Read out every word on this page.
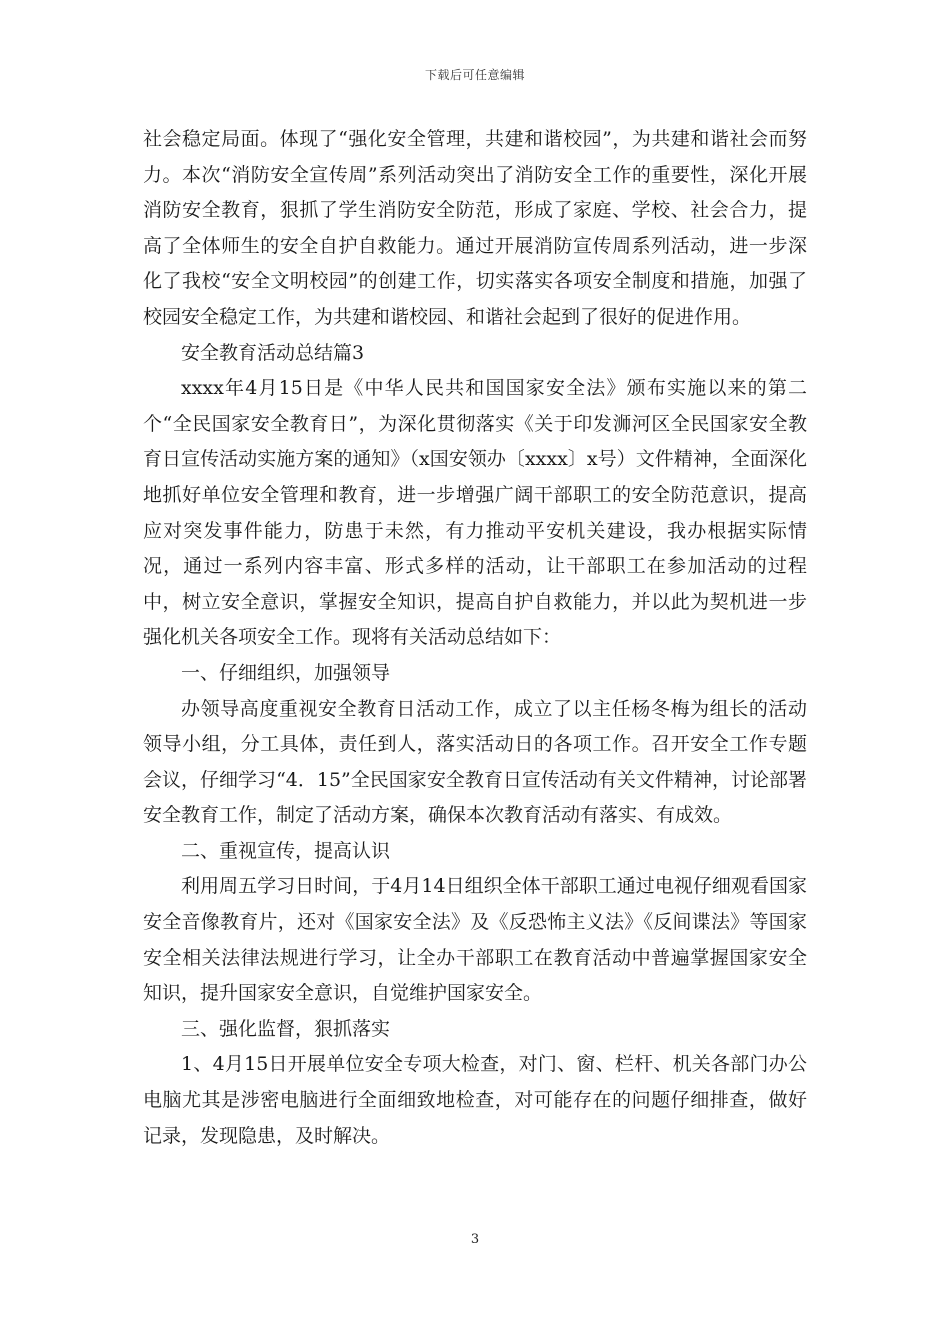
下载后可任意编辑

社会稳定局面。体现了“强化安全管理，共建和谐校园”，为共建和谐社会而努力。本次“消防安全宣传周”系列活动突出了消防安全工作的重要性，深化开展消防安全教育，狠抓了学生消防安全防范，形成了家庭、学校、社会合力，提高了全体师生的安全自护自救能力。通过开展消防宣传周系列活动，进一步深化了我校“安全文明校园”的创建工作，切实落实各项安全制度和措施，加强了校园安全稳定工作，为共建和谐校园、和谐社会起到了很好的促进作用。

安全教育活动总结篇3

xxxx年4月15日是《中华人民共和国国家安全法》颁布实施以来的第二个“全民国家安全教育日”，为深化贯彻落实《关于印发浉河区全民国家安全教育日宣传活动实施方案的通知》（x国安领办〔xxxx〕x号）文件精神，全面深化地抓好单位安全管理和教育，进一步增强广阔干部职工的安全防范意识，提高应对突发事件能力，防患于未然，有力推动平安机关建设，我办根据实际情况，通过一系列内容丰富、形式多样的活动，让干部职工在参加活动的过程中，树立安全意识，掌握安全知识，提高自护自救能力，并以此为契机进一步强化机关各项安全工作。现将有关活动总结如下：

一、仔细组织，加强领导

办领导高度重视安全教育日活动工作，成立了以主任杨冬梅为组长的活动领导小组，分工具体，责任到人，落实活动日的各项工作。召开安全工作专题会议，仔细学习“4．15”全民国家安全教育日宣传活动有关文件精神，讨论部署安全教育工作，制定了活动方案，确保本次教育活动有落实、有成效。

二、重视宣传，提高认识

利用周五学习日时间，于4月14日组织全体干部职工通过电视仔细观看国家安全音像教育片，还对《国家安全法》及《反恐怖主义法》《反间谍法》等国家安全相关法律法规进行学习，让全办干部职工在教育活动中普遍掌握国家安全知识，提升国家安全意识，自觉维护国家安全。

三、强化监督，狠抓落实

1、4月15日开展单位安全专项大检查，对门、窗、栏杆、机关各部门办公电脑尤其是涉密电脑进行全面细致地检查，对可能存在的问题仔细排查，做好记录，发现隐患，及时解决。

3
